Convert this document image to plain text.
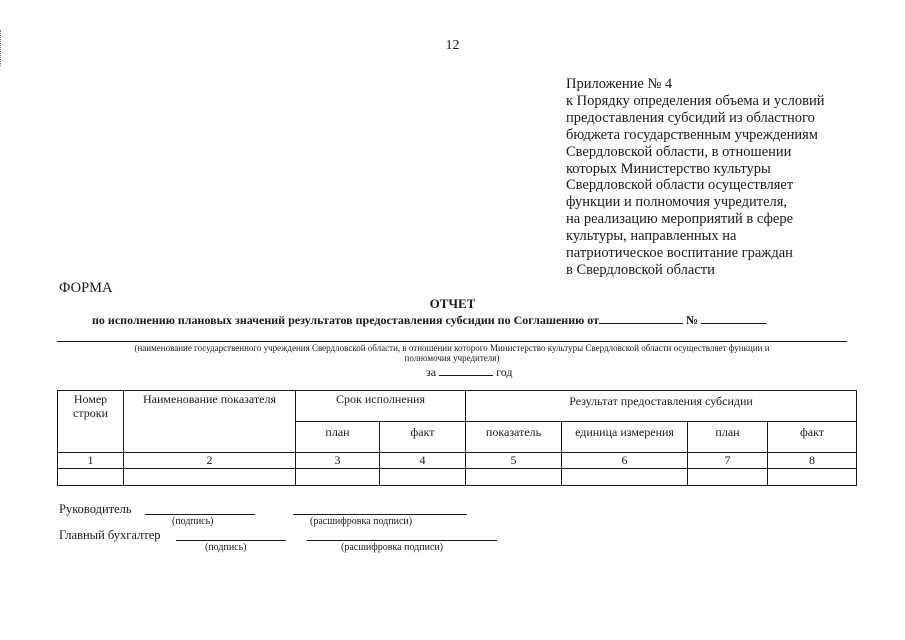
12
Приложение № 4
к Порядку определения объема и условий
предоставления субсидий из областного
бюджета государственным учреждениям
Свердловской области, в отношении
которых Министерство культуры
Свердловской области осуществляет
функции и полномочия учредителя,
на реализацию мероприятий в сфере
культуры, направленных на
патриотическое воспитание граждан
в Свердловской области
ФОРМА
ОТЧЕТ
по исполнению плановых значений результатов предоставления субсидии по Соглашению от	№
(наименование государственного учреждения Свердловской области, в отношении которого Министерство культуры Свердловской области осуществляет функции и
полномочия учредителя)
за	год
Номер строки	Наименование показателя	Срок исполнения		Результат предоставления субсидии			
		план	факт	показатель	единица измерения	план	факт
1	2	3	4	5	6	7	8

Руководитель
(подпись)	(расшифровка подписи)
Главный бухгалтер
(подпись)	(расшифровка подписи)
